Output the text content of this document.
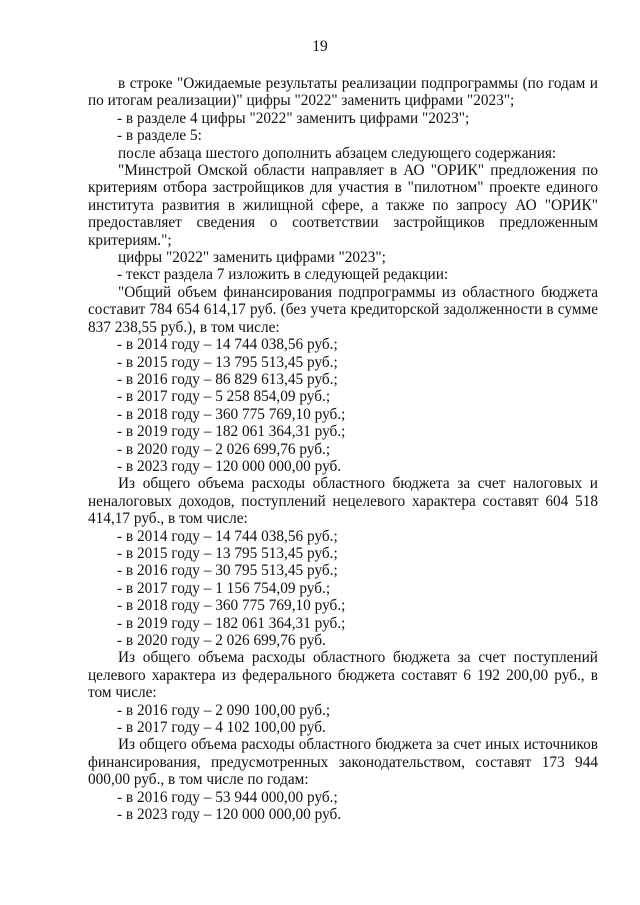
19

в строке "Ожидаемые результаты реализации подпрограммы (по годам и по итогам реализации)" цифры "2022" заменить цифрами "2023";

- в разделе 4 цифры "2022" заменить цифрами "2023";

- в разделе 5:

после абзаца шестого дополнить абзацем следующего содержания:

"Минстрой Омской области направляет в АО "ОРИК" предложения по критериям отбора застройщиков для участия в "пилотном" проекте единого института развития в жилищной сфере, а также по запросу АО "ОРИК" предоставляет сведения о соответствии застройщиков предложенным критериям.";

цифры "2022" заменить цифрами "2023";

- текст раздела 7 изложить в следующей редакции:

"Общий объем финансирования подпрограммы из областного бюджета составит 784 654 614,17 руб. (без учета кредиторской задолженности в сумме 837 238,55 руб.), в том числе:

- в 2014 году – 14 744 038,56 руб.;

- в 2015 году – 13 795 513,45 руб.;

- в 2016 году – 86 829 613,45 руб.;

- в 2017 году – 5 258 854,09 руб.;

- в 2018 году – 360 775 769,10 руб.;

- в 2019 году – 182 061 364,31 руб.;

- в 2020 году – 2 026 699,76 руб.;

- в 2023 году – 120 000 000,00 руб.

Из общего объема расходы областного бюджета за счет налоговых и неналоговых доходов, поступлений нецелевого характера составят 604 518 414,17 руб., в том числе:

- в 2014 году – 14 744 038,56 руб.;

- в 2015 году – 13 795 513,45 руб.;

- в 2016 году – 30 795 513,45 руб.;

- в 2017 году – 1 156 754,09 руб.;

- в 2018 году – 360 775 769,10 руб.;

- в 2019 году – 182 061 364,31 руб.;

- в 2020 году – 2 026 699,76 руб.

Из общего объема расходы областного бюджета за счет поступлений целевого характера из федерального бюджета составят 6 192 200,00 руб., в том числе:

- в 2016 году – 2 090 100,00 руб.;

- в 2017 году – 4 102 100,00 руб.

Из общего объема расходы областного бюджета за счет иных источников финансирования, предусмотренных законодательством, составят 173 944 000,00 руб., в том числе по годам:

- в 2016 году – 53 944 000,00 руб.;

- в 2023 году – 120 000 000,00 руб.
